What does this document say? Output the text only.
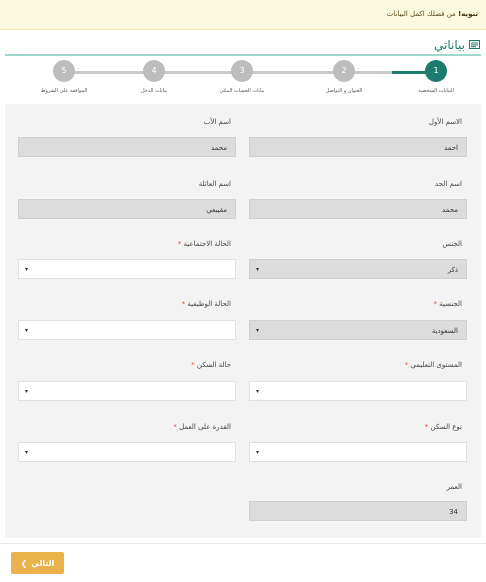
تنويه! من فضلك اكمل البيانات
بياناتي
1
البيانات الشخصية
2
العنوان و التواصل
3
بيانات الحساب البنكي
4
بيانات الدخل
5
الموافقة على الشروط
الاسم الأول
احمد
اسم الأب
محمد
اسم الجد
محمد
اسم العائلة
مقيبعي
الجنس
ذكر
▾
الحالة الاجتماعية *
▾
الجنسية *
السعودية
▾
الحالة الوظيفية *
▾
المستوى التعليمي *
▾
حالة السكن *
▾
نوع السكن *
▾
القدرة على العمل *
▾
العمر
34
❮ التالي
